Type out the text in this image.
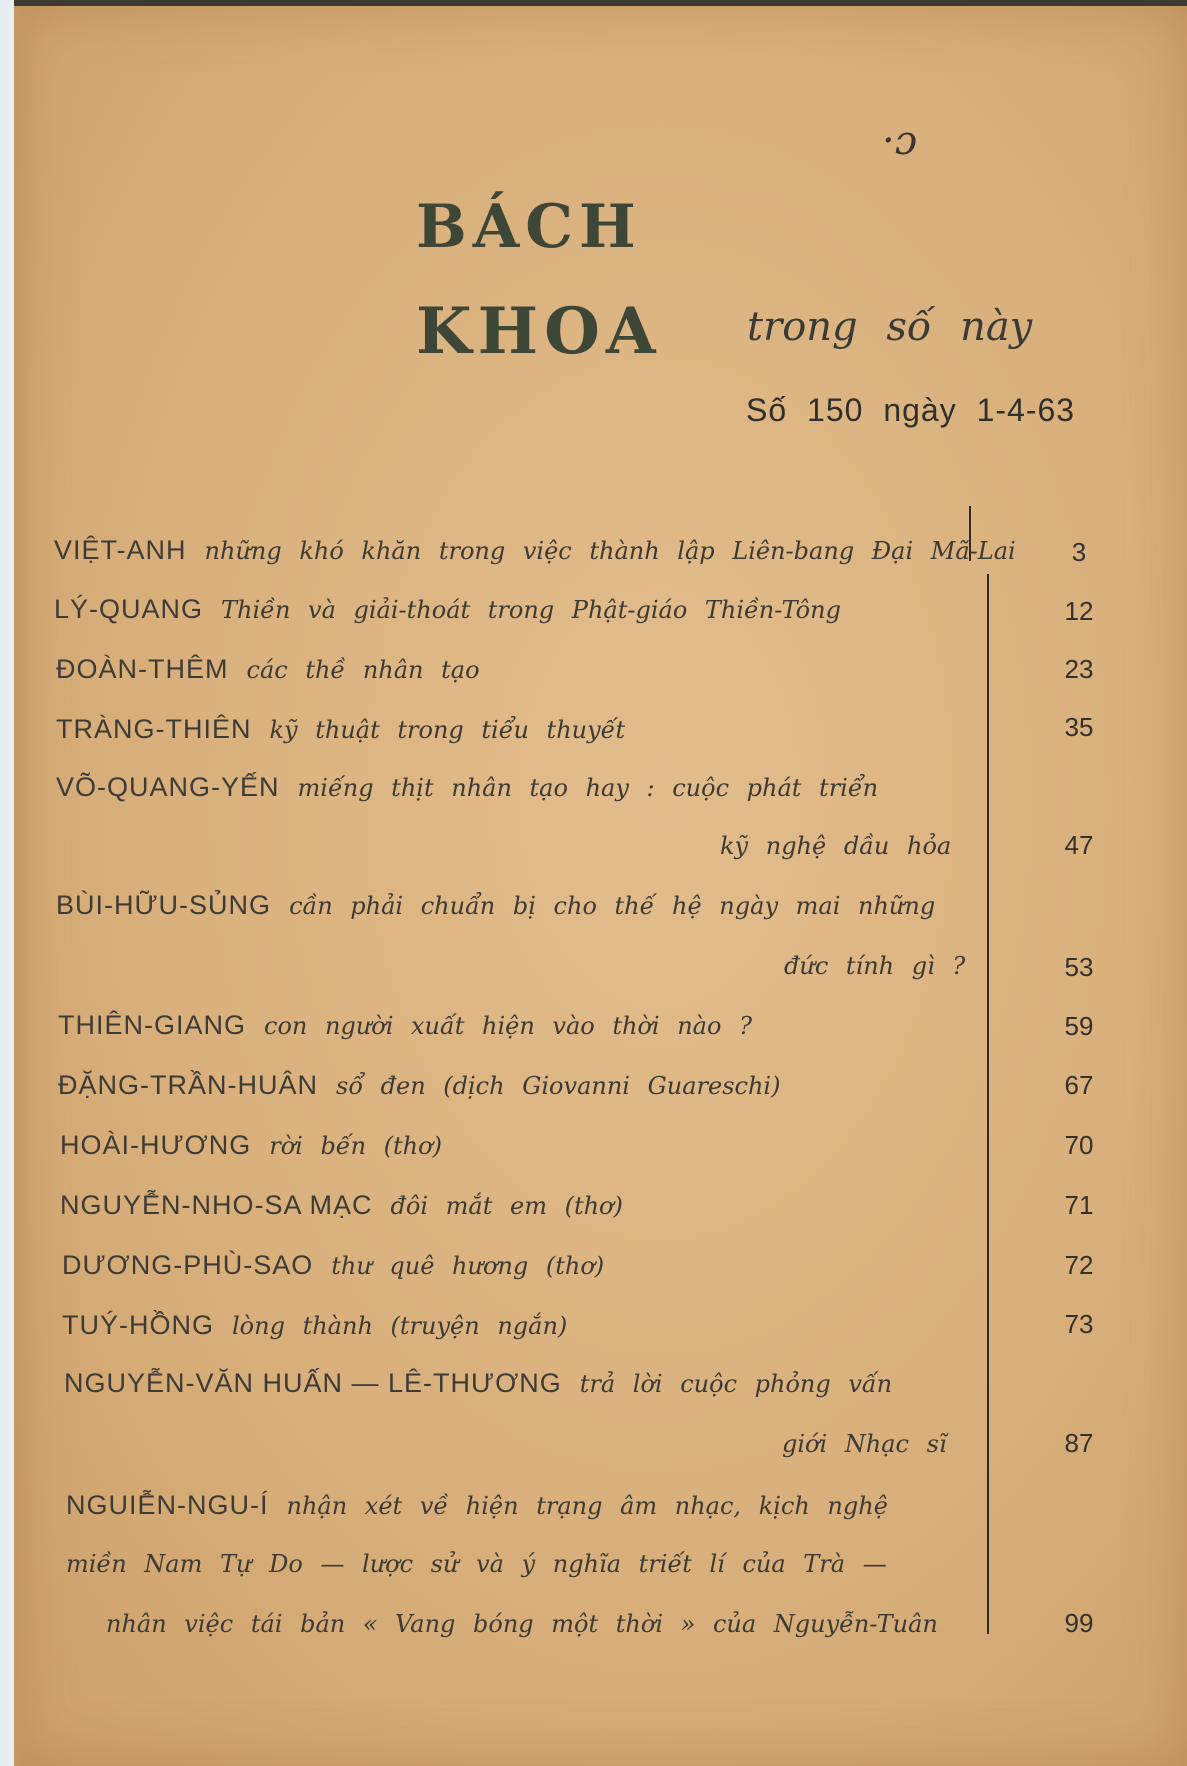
·ɔ
BÁCH
KHOA trong số này
Số 150 ngày 1-4-63
VIỆT-ANH những khó khăn trong việc thành lập Liên-bang Đại Mã-Lai	3
LÝ-QUANG Thiền và giải-thoát trong Phật-giáo Thiền-Tông	12
ĐOÀN-THÊM các thề nhân tạo	23
TRÀNG-THIÊN kỹ thuật trong tiểu thuyết	35
VÕ-QUANG-YẾN miếng thịt nhân tạo hay : cuộc phát triển
kỹ nghệ dầu hỏa	47
BÙI-HỮU-SỦNG cần phải chuẩn bị cho thế hệ ngày mai những
đức tính gì ?	53
THIÊN-GIANG con người xuất hiện vào thời nào ?	59
ĐẶNG-TRẦN-HUÂN sổ đen (dịch Giovanni Guareschi)	67
HOÀI-HƯƠNG rời bến (thơ)	70
NGUYỄN-NHO-SA MẠC đôi mắt em (thơ)	71
DƯƠNG-PHÙ-SAO thư quê hương (thơ)	72
TUÝ-HỒNG lòng thành (truyện ngắn)	73
NGUYỄN-VĂN HUẤN — LÊ-THƯƠNG trả lời cuộc phỏng vấn
giới Nhạc sĩ	87
NGUIỄN-NGU-Í nhận xét về hiện trạng âm nhạc, kịch nghệ
miền Nam Tự Do — lược sử và ý nghĩa triết lí của Trà —
nhân việc tái bản « Vang bóng một thời » của Nguyễn-Tuân	99
